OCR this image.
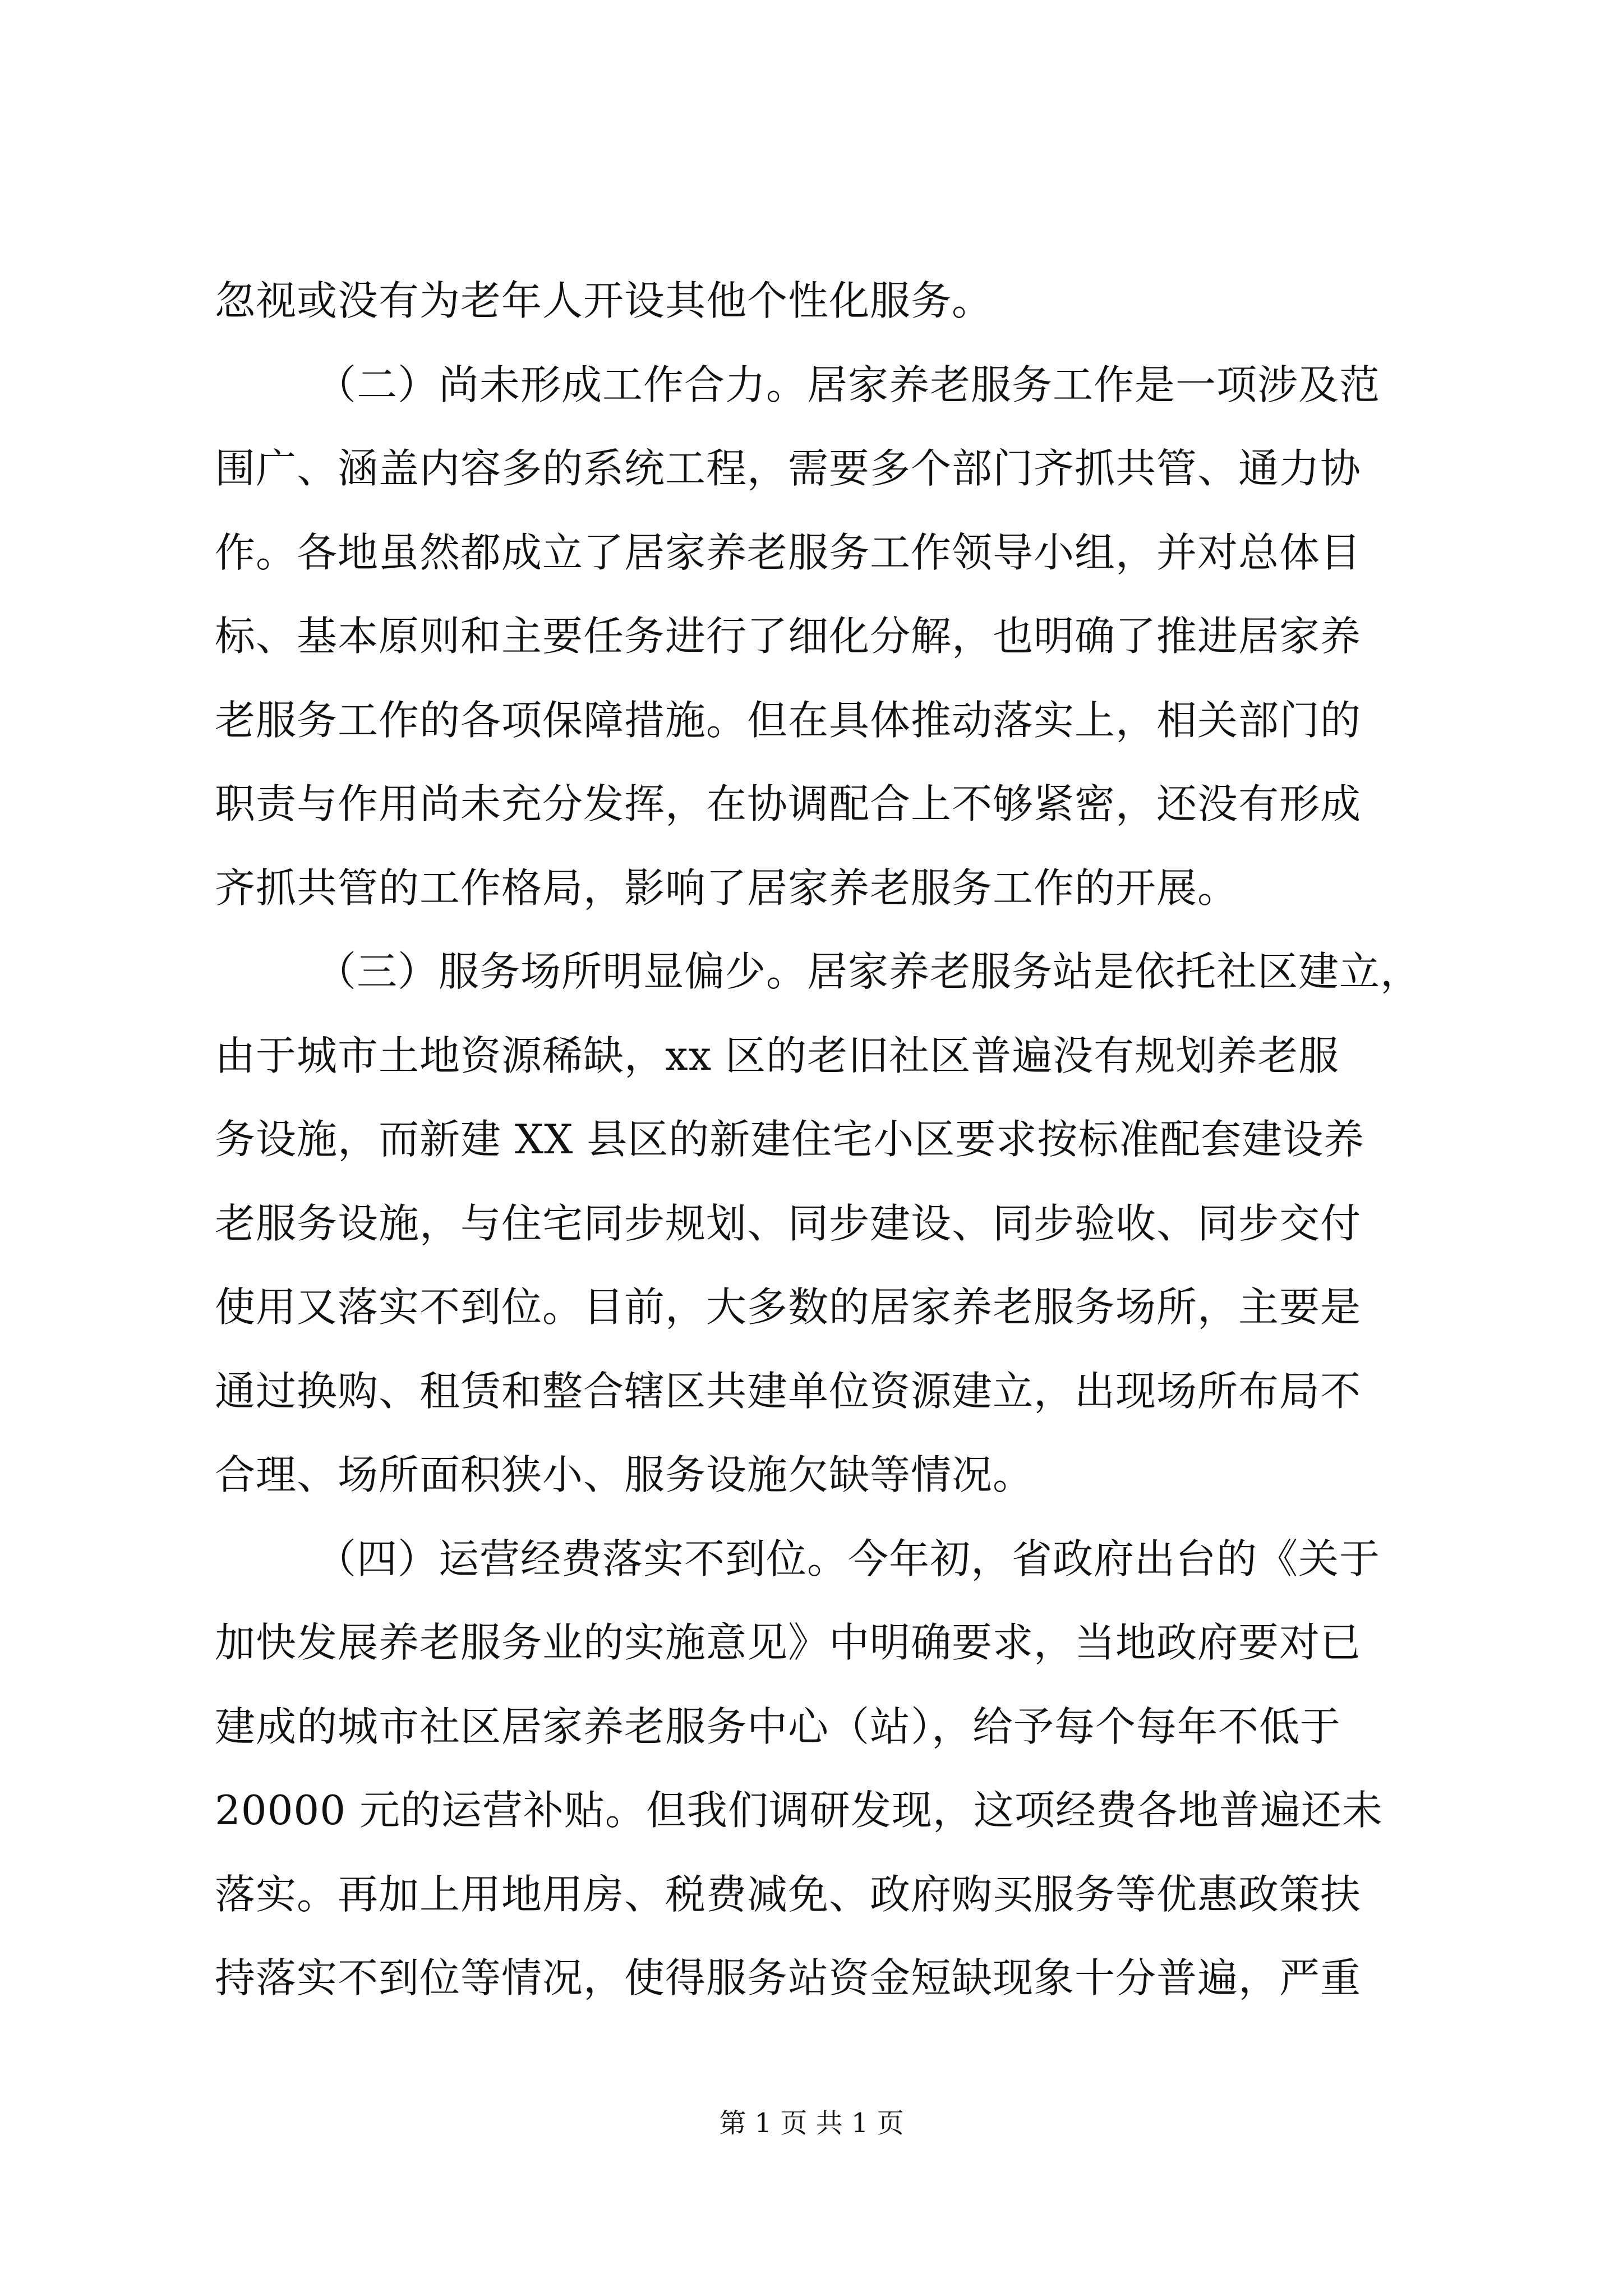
忽视或没有为老年人开设其他个性化服务。
（二）尚未形成工作合力。居家养老服务工作是一项涉及范
围广、涵盖内容多的系统工程，需要多个部门齐抓共管、通力协
作。各地虽然都成立了居家养老服务工作领导小组，并对总体目
标、基本原则和主要任务进行了细化分解，也明确了推进居家养
老服务工作的各项保障措施。但在具体推动落实上，相关部门的
职责与作用尚未充分发挥，在协调配合上不够紧密，还没有形成
齐抓共管的工作格局，影响了居家养老服务工作的开展。
（三）服务场所明显偏少。居家养老服务站是依托社区建立，
由于城市土地资源稀缺，xx 区的老旧社区普遍没有规划养老服
务设施，而新建 XX 县区的新建住宅小区要求按标准配套建设养
老服务设施，与住宅同步规划、同步建设、同步验收、同步交付
使用又落实不到位。目前，大多数的居家养老服务场所，主要是
通过换购、租赁和整合辖区共建单位资源建立，出现场所布局不
合理、场所面积狭小、服务设施欠缺等情况。
（四）运营经费落实不到位。今年初，省政府出台的《关于
加快发展养老服务业的实施意见》中明确要求，当地政府要对已
建成的城市社区居家养老服务中心（站），给予每个每年不低于
20000 元的运营补贴。但我们调研发现，这项经费各地普遍还未
落实。再加上用地用房、税费减免、政府购买服务等优惠政策扶
持落实不到位等情况，使得服务站资金短缺现象十分普遍，严重
第 1 页 共 1 页
